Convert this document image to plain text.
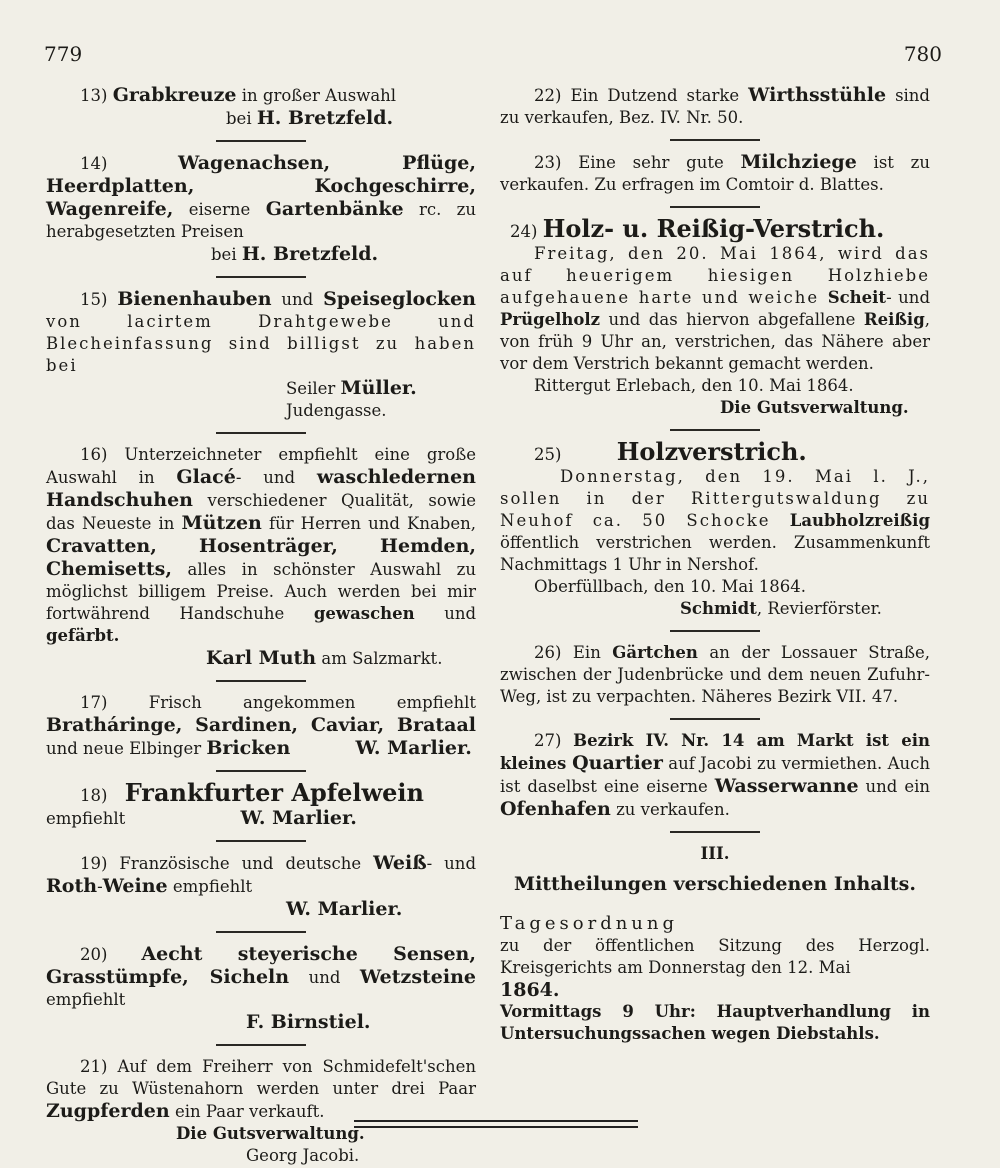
779	780

13) Grabkreuze in großer Auswahl

bei H. Bretzfeld.

14)	Wagenachsen, Pflüge, Heerdplatten, Kochgeschirre, Wagenreife, eiserne Gartenbänke rc. zu herabgesetzten Preisen

bei H. Bretzfeld.

15) Bienenhauben und Speiseglocken von lacirtem Drahtgewebe und Blecheinfassung sind billigst zu haben bei

Seiler Müller.

Judengasse.

16) Unterzeichneter empfiehlt eine große Auswahl in Glacé- und waschledernen Handschuhen verschiedener Qualität, sowie das Neueste in Mützen für Herren und Knaben, Cravatten, Hosenträger, Hemden, Chemisetts, alles in schönster Auswahl zu möglichst billigem Preise. Auch werden bei mir fortwährend Handschuhe gewaschen und gefärbt.

Karl Muth am Salzmarkt.

17)	Frisch angekommen empfiehlt Bratháringe, Sardinen, Caviar, Brataal und neue Elbinger Bricken	W. Marlier.

18) Frankfurter Apfelwein

empfiehlt	W. Marlier.

19) Französische und deutsche Weiß- und Roth-Weine empfiehlt

W. Marlier.

20) Aecht steyerische Sensen, Grasstümpfe, Sicheln und Wetzsteine empfiehlt

F. Birnstiel.

21) Auf dem Freiherr von Schmidefelt'schen Gute zu Wüstenahorn werden unter drei Paar Zugpferden ein Paar verkauft.

Die Gutsverwaltung.

Georg Jacobi.

22) Ein Dutzend starke Wirthsstühle sind zu verkaufen, Bez. IV. Nr. 50.

23) Eine sehr gute Milchziege ist zu verkaufen. Zu erfragen im Comtoir d. Blattes.

24) Holz- u. Reißig-Verstrich.

Freitag, den 20. Mai 1864, wird das auf heuerigem hiesigen Holzhiebe aufgehauene harte und weiche Scheit- und Prügelholz und das hiervon abgefallene Reißig, von früh 9 Uhr an, verstrichen, das Nähere aber vor dem Verstrich bekannt gemacht werden.

Rittergut Erlebach, den 10. Mai 1864.

Die Gutsverwaltung.

25) Holzverstrich.

Donnerstag, den 19. Mai l. J., sollen in der Rittergutswaldung zu Neuhof ca. 50 Schocke Laubholzreißig öffentlich verstrichen werden. Zusammenkunft Nachmittags 1 Uhr in Nershof.

Oberfüllbach, den 10. Mai 1864.

Schmidt, Revierförster.

26) Ein Gärtchen an der Lossauer Straße, zwischen der Judenbrücke und dem neuen Zufuhr-Weg, ist zu verpachten. Näheres Bezirk VII. 47.

27) Bezirk IV. Nr. 14 am Markt ist ein kleines Quartier auf Jacobi zu vermiethen. Auch ist daselbst eine eiserne Wasserwanne und ein Ofenhafen zu verkaufen.

III.

Mittheilungen verschiedenen Inhalts.

Tagesordnung

zu der öffentlichen Sitzung des Herzogl. Kreisgerichts am Donnerstag den 12. Mai

1864.

Vormittags 9 Uhr: Hauptverhandlung in Untersuchungssachen wegen Diebstahls.
